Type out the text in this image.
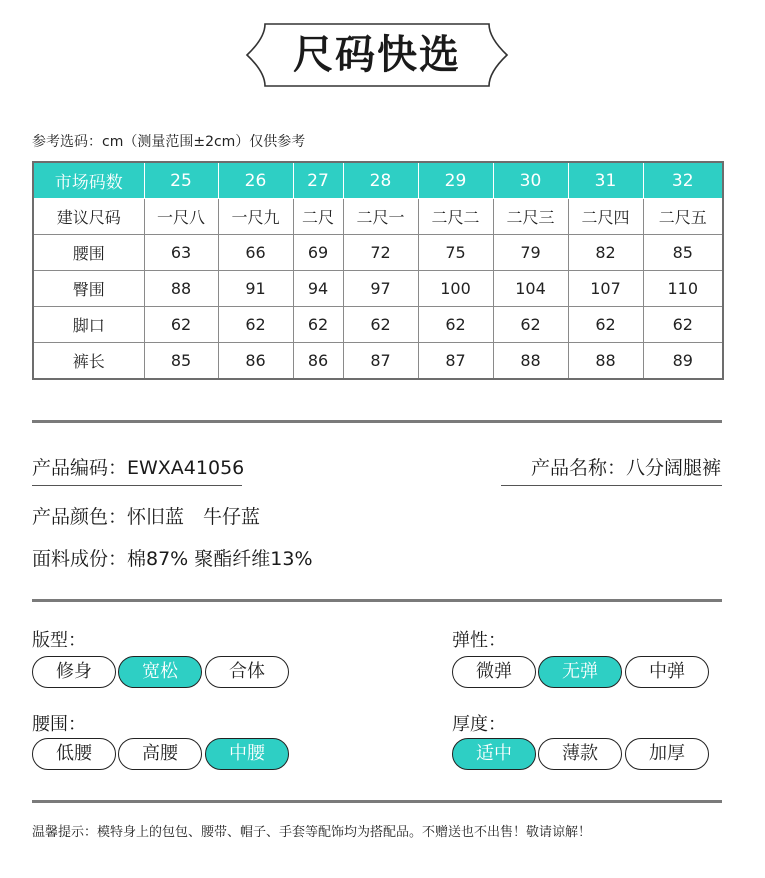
尺码快选
参考选码：cm（测量范围±2cm）仅供参考
市场码数	25	26	27	28	29	30	31	32
建议尺码	一尺八	一尺九	二尺	二尺一	二尺二	二尺三	二尺四	二尺五
腰围	63	66	69	72	75	79	82	85
臀围	88	91	94	97	100	104	107	110
脚口	62	62	62	62	62	62	62	62
裤长	85	86	86	87	87	88	88	89
产品编码：EWXA41056	产品名称：八分阔腿裤
产品颜色：怀旧蓝　牛仔蓝
面料成份：棉87% 聚酯纤维13%
版型：
修身	宽松	合体
弹性：
微弹	无弹	中弹
腰围：
低腰	高腰	中腰
厚度：
适中	薄款	加厚
温馨提示：模特身上的包包、腰带、帽子、手套等配饰均为搭配品。不赠送也不出售！敬请谅解！
